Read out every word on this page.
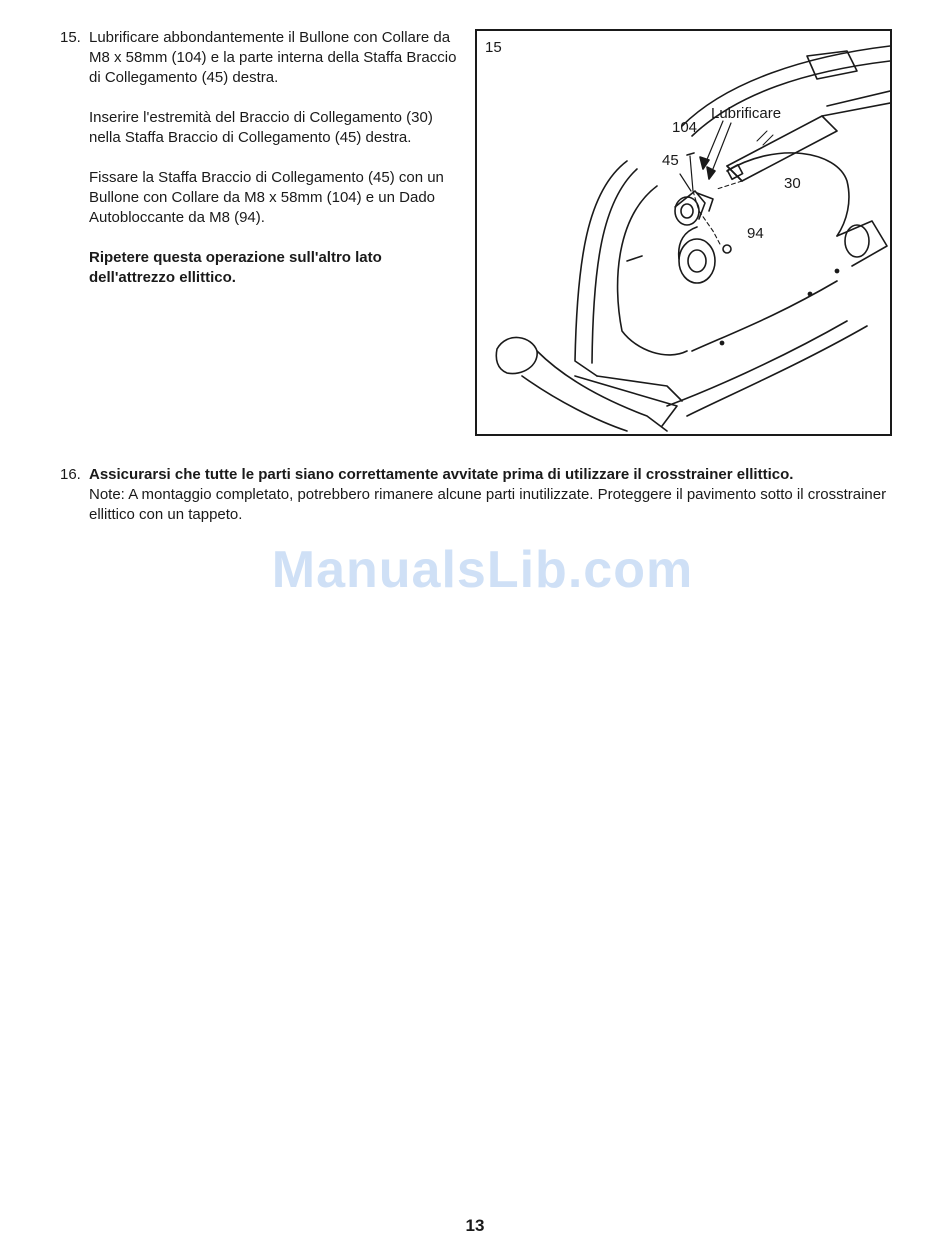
15. Lubrificare abbondantemente il Bullone con Collare da M8 x 58mm (104) e la parte interna della Staffa Braccio di Collegamento (45) destra.

Inserire l'estremità del Braccio di Collegamento (30) nella Staffa Braccio di Collegamento (45) destra.

Fissare la Staffa Braccio di Collegamento (45) con un Bullone con Collare da M8 x 58mm (104) e un Dado Autobloccante da M8 (94).

Ripetere questa operazione sull'altro lato dell'attrezzo ellittico.

15
Lubrificare
104
45
30
94
16. Assicurarsi che tutte le parti siano correttamente avvitate prima di utilizzare il crosstrainer ellittico.
Note: A montaggio completato, potrebbero rimanere alcune parti inutilizzate. Proteggere il pavimento sotto il crosstrainer ellittico con un tappeto.
ManualsLib.com
13
